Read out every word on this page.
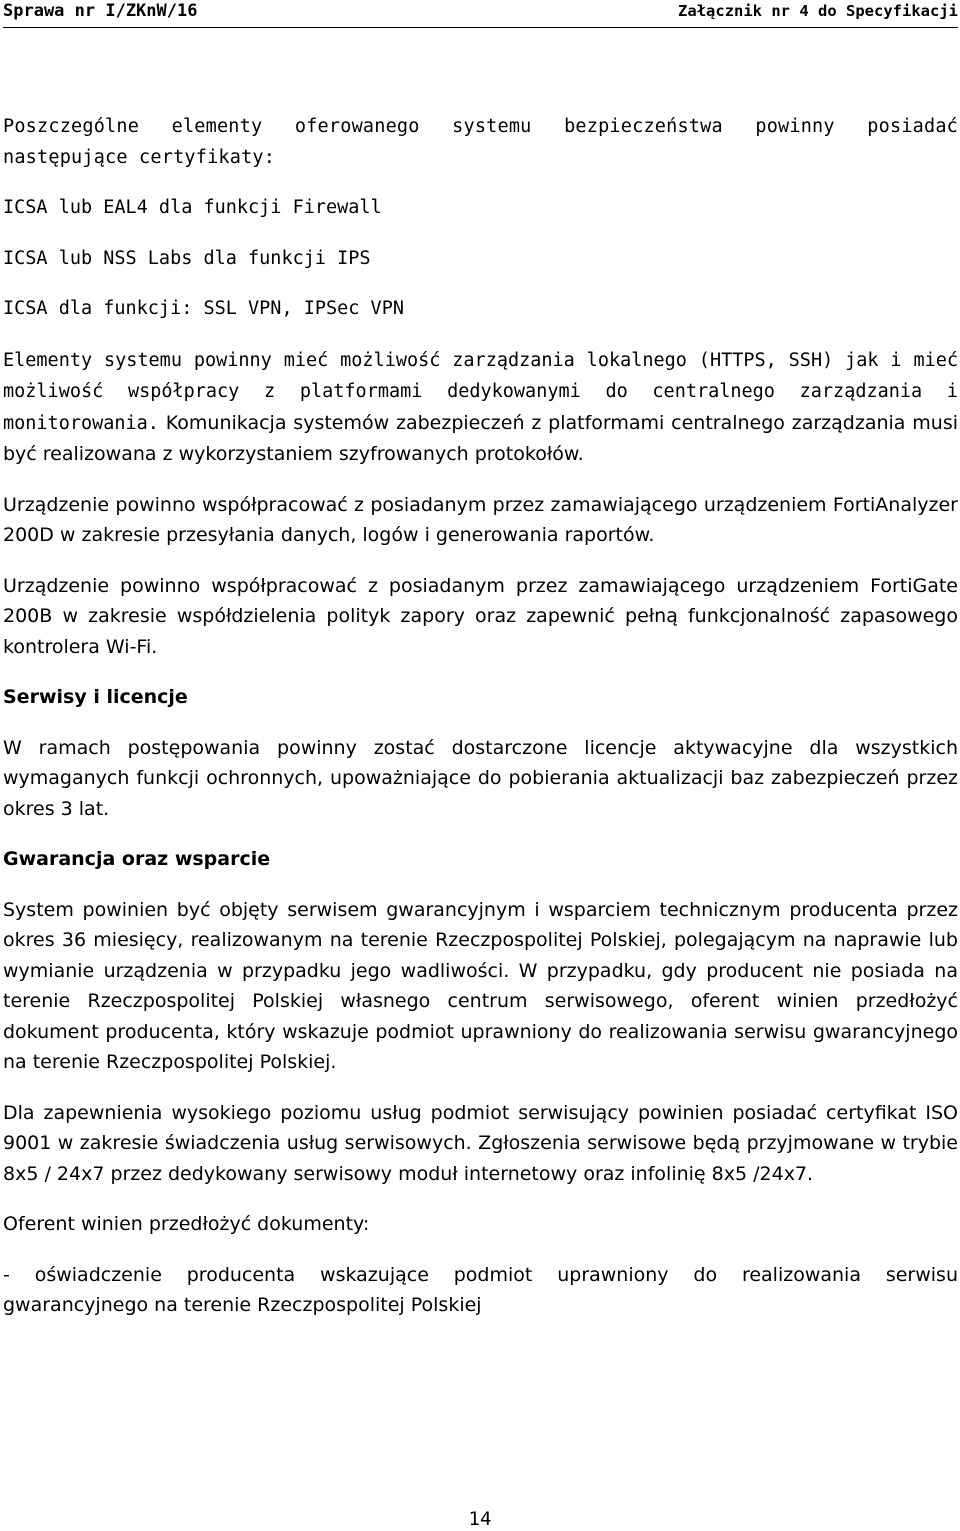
Sprawa nr I/ZKnW/16	Załącznik nr 4 do Specyfikacji

Poszczególne elementy oferowanego systemu bezpieczeństwa powinny posiadać następujące certyfikaty:

ICSA lub EAL4 dla funkcji Firewall

ICSA lub NSS Labs dla funkcji IPS

ICSA dla funkcji: SSL VPN, IPSec VPN

Elementy systemu powinny mieć możliwość zarządzania lokalnego (HTTPS, SSH) jak i mieć możliwość współpracy z platformami dedykowanymi do centralnego zarządzania i monitorowania. Komunikacja systemów zabezpieczeń z platformami centralnego zarządzania musi być realizowana z wykorzystaniem szyfrowanych protokołów.

Urządzenie powinno współpracować z posiadanym przez zamawiającego urządzeniem FortiAnalyzer 200D w zakresie przesyłania danych, logów i generowania raportów.

Urządzenie powinno współpracować z posiadanym przez zamawiającego urządzeniem FortiGate 200B w zakresie współdzielenia polityk zapory oraz zapewnić pełną funkcjonalność zapasowego kontrolera Wi-Fi.

Serwisy i licencje

W ramach postępowania powinny zostać dostarczone licencje aktywacyjne dla wszystkich wymaganych funkcji ochronnych, upoważniające do pobierania aktualizacji baz zabezpieczeń przez okres 3 lat.

Gwarancja oraz wsparcie

System powinien być objęty serwisem gwarancyjnym i wsparciem technicznym producenta przez okres 36 miesięcy, realizowanym na terenie Rzeczpospolitej Polskiej, polegającym na naprawie lub wymianie urządzenia w przypadku jego wadliwości. W przypadku, gdy producent nie posiada na terenie Rzeczpospolitej Polskiej własnego centrum serwisowego, oferent winien przedłożyć dokument producenta, który wskazuje podmiot uprawniony do realizowania serwisu gwarancyjnego na terenie Rzeczpospolitej Polskiej.

Dla zapewnienia wysokiego poziomu usług podmiot serwisujący powinien posiadać certyfikat ISO 9001 w zakresie świadczenia usług serwisowych. Zgłoszenia serwisowe będą przyjmowane w trybie 8x5 / 24x7 przez dedykowany serwisowy moduł internetowy oraz infolinię 8x5 /24x7.

Oferent winien przedłożyć dokumenty:

- oświadczenie producenta wskazujące podmiot uprawniony do realizowania serwisu gwarancyjnego na terenie Rzeczpospolitej Polskiej

14
